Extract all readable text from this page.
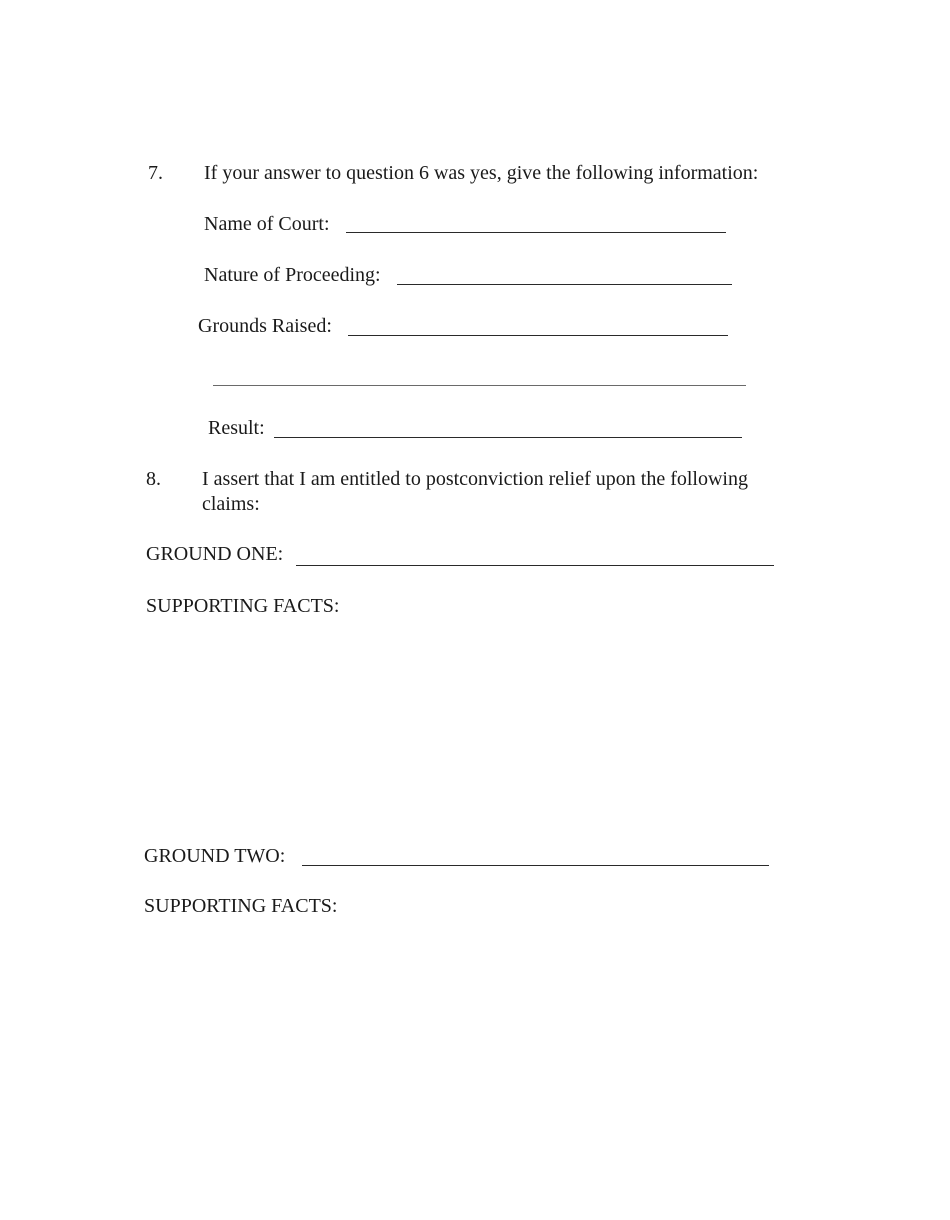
7. If your answer to question 6 was yes, give the following information:

Name of Court:

Nature of Proceeding:

Grounds Raised:

Result:

8. I assert that I am entitled to postconviction relief upon the following

claims:

GROUND ONE:

SUPPORTING FACTS:

GROUND TWO:

SUPPORTING FACTS:
